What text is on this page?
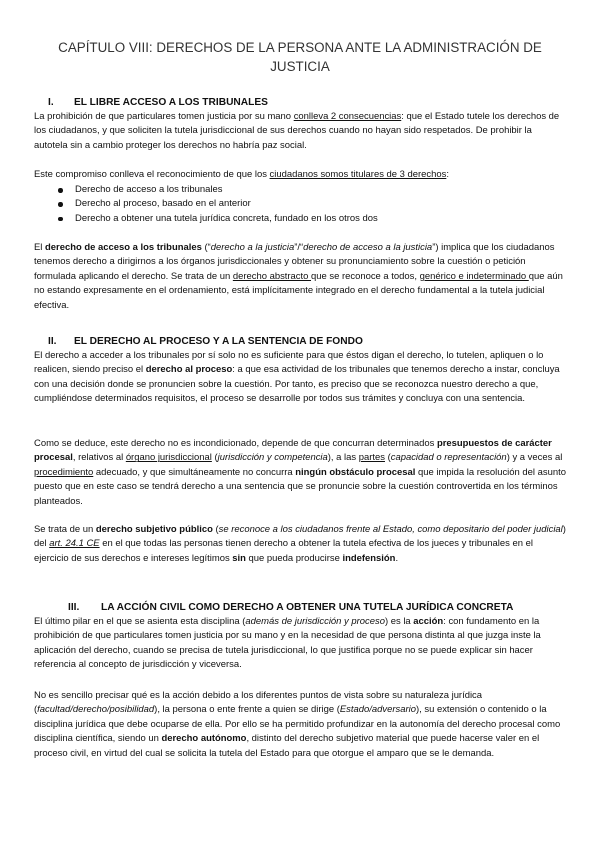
CAPÍTULO VIII: DERECHOS DE LA PERSONA ANTE LA ADMINISTRACIÓN DE JUSTICIA
I. EL LIBRE ACCESO A LOS TRIBUNALES
La prohibición de que particulares tomen justicia por su mano conlleva 2 consecuencias: que el Estado tutele los derechos de los ciudadanos, y que soliciten la tutela jurisdiccional de sus derechos cuando no hayan sido respetados. De prohibir la autotela sin a cambio proteger los derechos no habría paz social.
Este compromiso conlleva el reconocimiento de que los ciudadanos somos titulares de 3 derechos:
Derecho de acceso a los tribunales
Derecho al proceso, basado en el anterior
Derecho a obtener una tutela jurídica concreta, fundado en los otros dos
El derecho de acceso a los tribunales (“derecho a la justicia”/“derecho de acceso a la justicia”) implica que los ciudadanos tenemos derecho a dirigirnos a los órganos jurisdiccionales y obtener su pronunciamiento sobre la cuestión o petición formulada aplicando el derecho. Se trata de un derecho abstracto que se reconoce a todos, genérico e indeterminado que aún no estando expresamente en el ordenamiento, está implícitamente integrado en el derecho fundamental a la tutela judicial efectiva.
II. EL DERECHO AL PROCESO Y A LA SENTENCIA DE FONDO
El derecho a acceder a los tribunales por sí solo no es suficiente para que éstos digan el derecho, lo tutelen, apliquen o lo realicen, siendo preciso el derecho al proceso: a que esa actividad de los tribunales que tenemos derecho a instar, concluya con una decisión donde se pronuncien sobre la cuestión. Por tanto, es preciso que se reconozca nuestro derecho a que, cumpliéndose determinados requisitos, el proceso se desarrolle por todos sus trámites y concluya con una sentencia.
Como se deduce, este derecho no es incondicionado, depende de que concurran determinados presupuestos de carácter procesal, relativos al órgano jurisdiccional (jurisdicción y competencia), a las partes (capacidad o representación) y a veces al procedimiento adecuado, y que simultáneamente no concurra ningún obstáculo procesal que impida la resolución del asunto puesto que en este caso se tendrá derecho a una sentencia que se pronuncie sobre la cuestión controvertida en los términos planteados.
Se trata de un derecho subjetivo público (se reconoce a los ciudadanos frente al Estado, como depositario del poder judicial) del art. 24.1 CE en el que todas las personas tienen derecho a obtener la tutela efectiva de los jueces y tribunales en el ejercicio de sus derechos e intereses legítimos sin que pueda producirse indefensión.
III. LA ACCIÓN CIVIL COMO DERECHO A OBTENER UNA TUTELA JURÍDICA CONCRETA
El último pilar en el que se asienta esta disciplina (además de jurisdicción y proceso) es la acción: con fundamento en la prohibición de que particulares tomen justicia por su mano y en la necesidad de que persona distinta al que juzga inste la aplicación del derecho, cuando se precisa de tutela jurisdiccional, lo que justifica porque no se puede explicar sin hacer referencia al concepto de jurisdicción y viceversa.
No es sencillo precisar qué es la acción debido a los diferentes puntos de vista sobre su naturaleza jurídica (facultad/derecho/posibilidad), la persona o ente frente a quien se dirige (Estado/adversario), su extensión o contenido o la disciplina jurídica que debe ocuparse de ella. Por ello se ha permitido profundizar en la autonomía del derecho procesal como disciplina científica, siendo un derecho autónomo, distinto del derecho subjetivo material que puede hacerse valer en el proceso civil, en virtud del cual se solicita la tutela del Estado para que otorgue el amparo que se le demanda.
